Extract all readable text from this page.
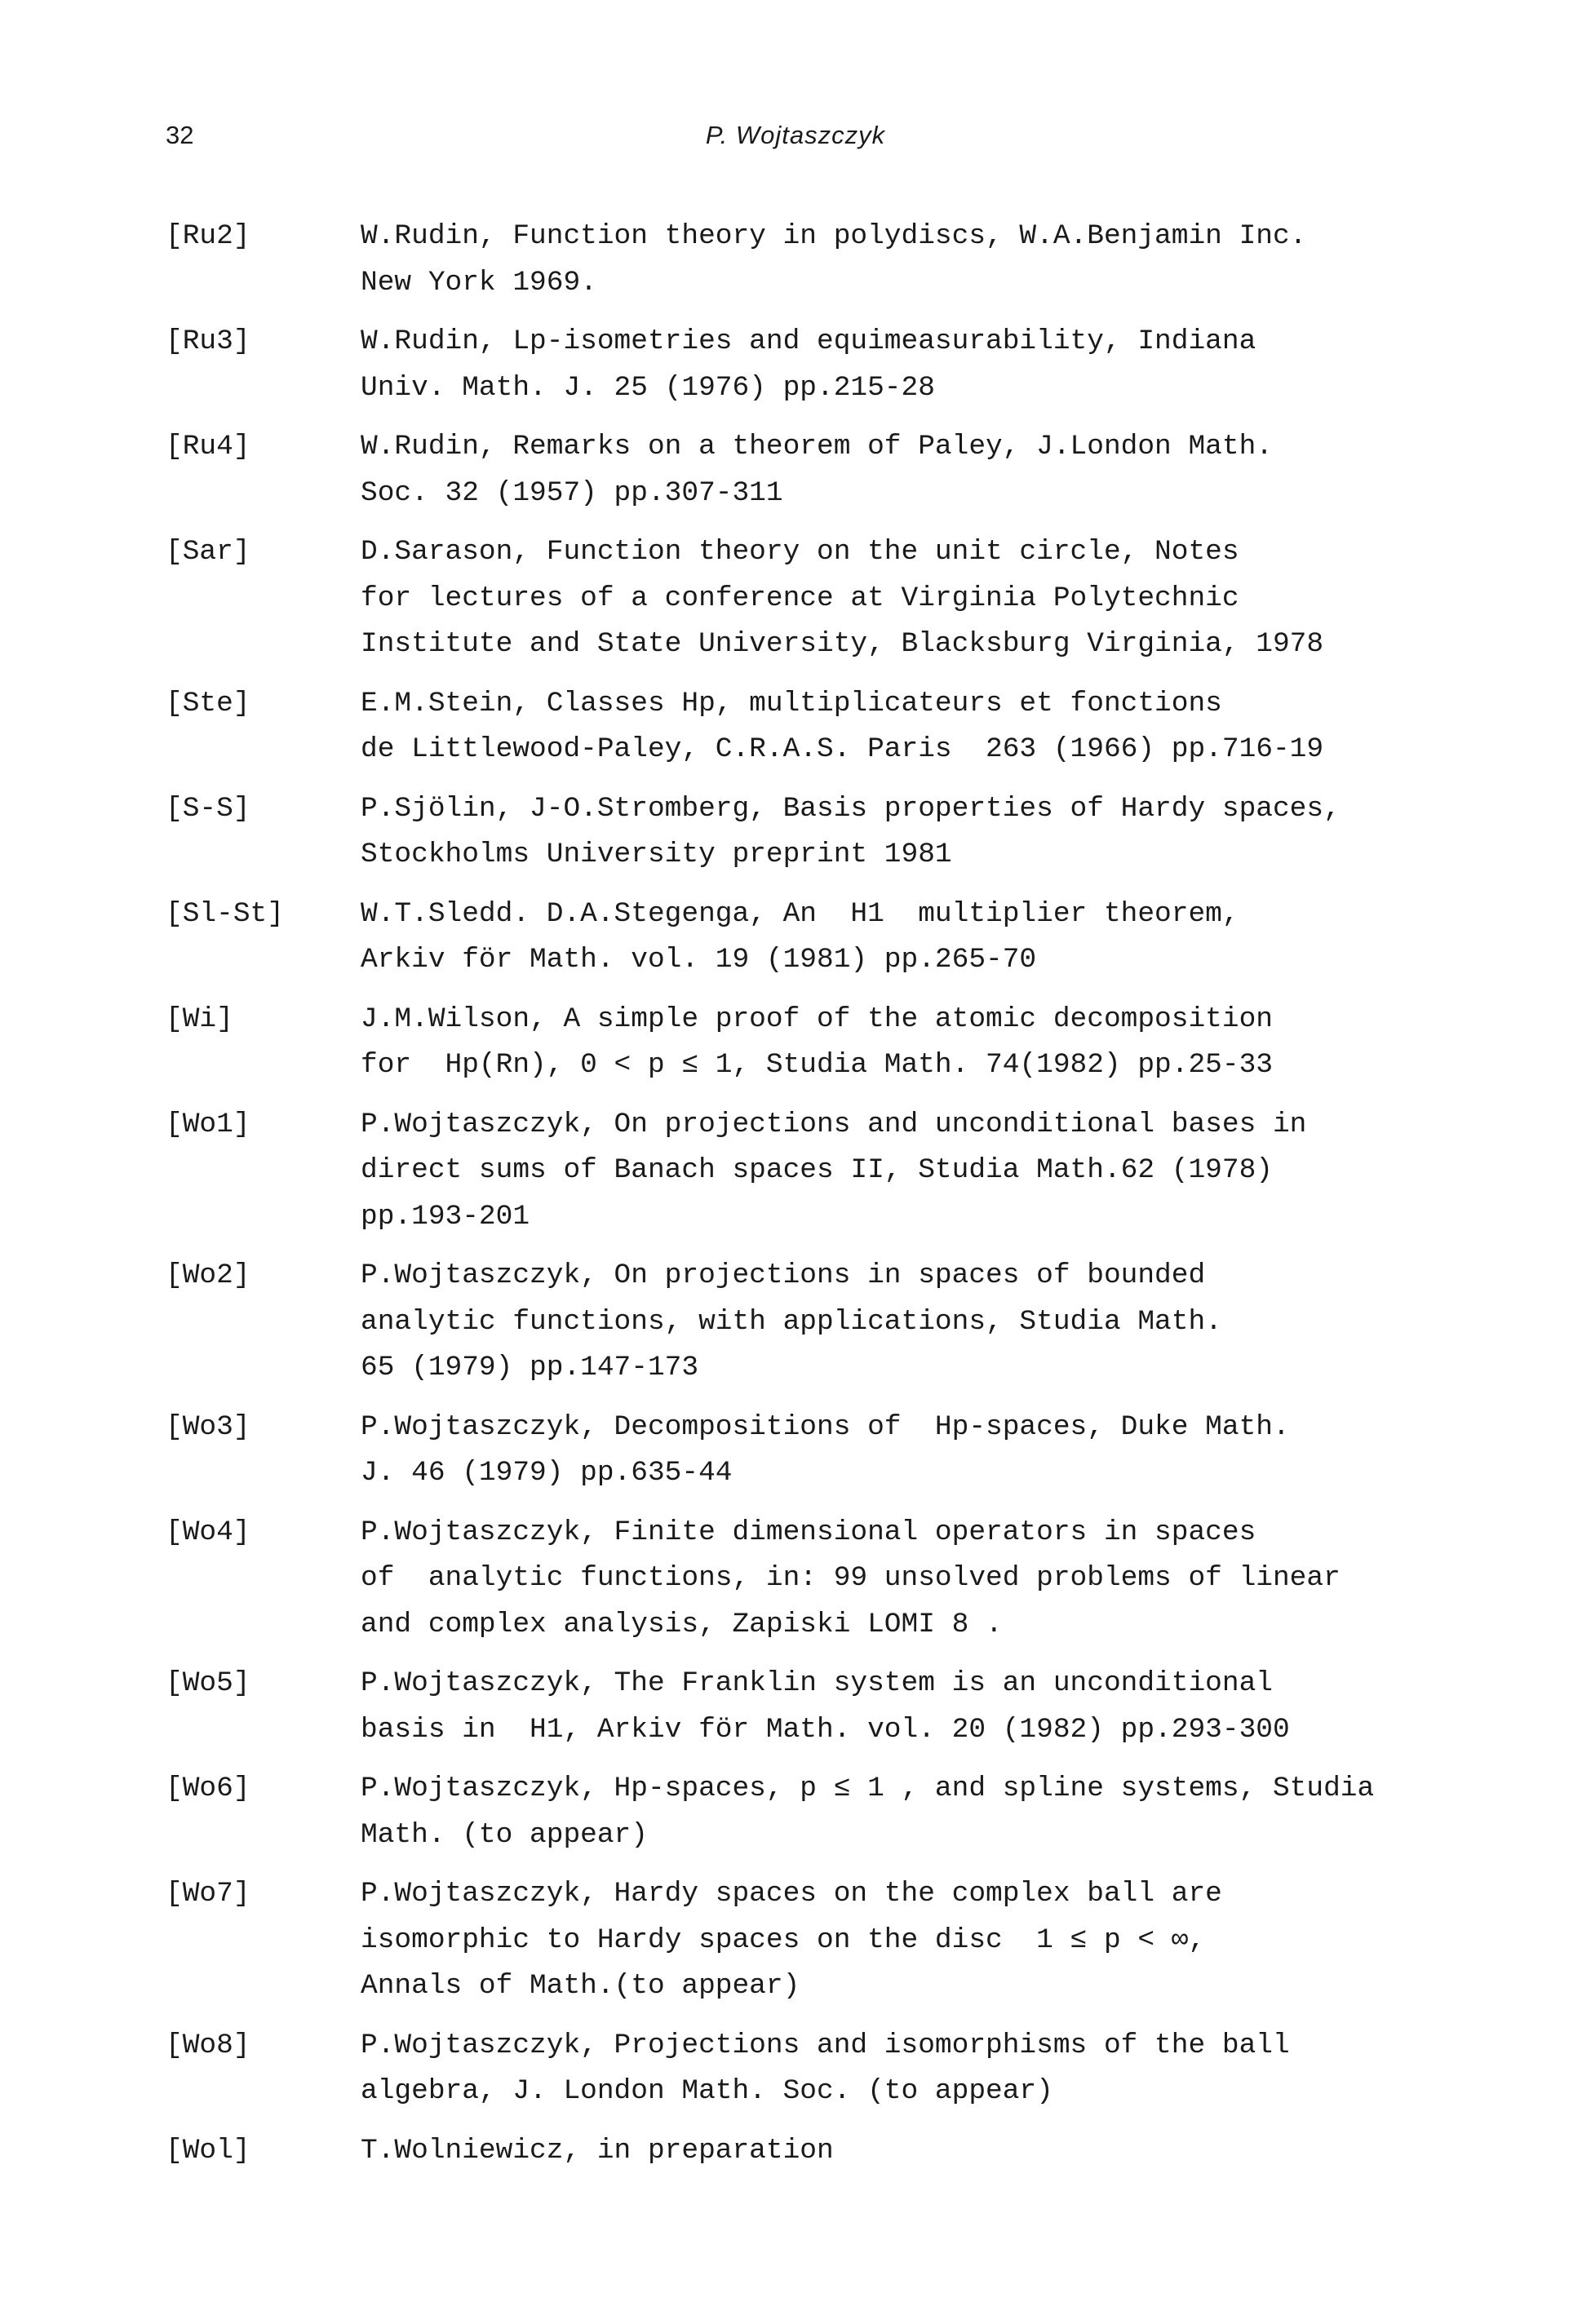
32	P. Wojtaszczyk
[Ru2]	W.Rudin, Function theory in polydiscs, W.A.Benjamin Inc.
New York 1969.
[Ru3]	W.Rudin, Lp-isometries and equimeasurability, Indiana
Univ. Math. J. 25 (1976) pp.215-28
[Ru4]	W.Rudin, Remarks on a theorem of Paley, J.London Math.
Soc. 32 (1957) pp.307-311
[Sar]	D.Sarason, Function theory on the unit circle, Notes
for lectures of a conference at Virginia Polytechnic
Institute and State University, Blacksburg Virginia, 1978
[Ste]	E.M.Stein, Classes Hp, multiplicateurs et fonctions
de Littlewood-Paley, C.R.A.S. Paris  263 (1966) pp.716-19
[S-S]	P.Sjölin, J-O.Stromberg, Basis properties of Hardy spaces,
Stockholms University preprint 1981
[Sl-St]	W.T.Sledd. D.A.Stegenga, An  H1  multiplier theorem,
Arkiv för Math. vol. 19 (1981) pp.265-70
[Wi]	J.M.Wilson, A simple proof of the atomic decomposition
for  Hp(Rn), 0 < p ≤ 1, Studia Math. 74(1982) pp.25-33
[Wo1]	P.Wojtaszczyk, On projections and unconditional bases in
direct sums of Banach spaces II, Studia Math.62 (1978)
pp.193-201
[Wo2]	P.Wojtaszczyk, On projections in spaces of bounded
analytic functions, with applications, Studia Math.
65 (1979) pp.147-173
[Wo3]	P.Wojtaszczyk, Decompositions of  Hp-spaces, Duke Math.
J. 46 (1979) pp.635-44
[Wo4]	P.Wojtaszczyk, Finite dimensional operators in spaces
of  analytic functions, in: 99 unsolved problems of linear
and complex analysis, Zapiski LOMI 8 .
[Wo5]	P.Wojtaszczyk, The Franklin system is an unconditional
basis in  H1, Arkiv för Math. vol. 20 (1982) pp.293-300
[Wo6]	P.Wojtaszczyk, Hp-spaces, p ≤ 1 , and spline systems, Studia
Math. (to appear)
[Wo7]	P.Wojtaszczyk, Hardy spaces on the complex ball are
isomorphic to Hardy spaces on the disc  1 ≤ p < ∞,
Annals of Math.(to appear)
[Wo8]	P.Wojtaszczyk, Projections and isomorphisms of the ball
algebra, J. London Math. Soc. (to appear)
[Wol]	T.Wolniewicz, in preparation
